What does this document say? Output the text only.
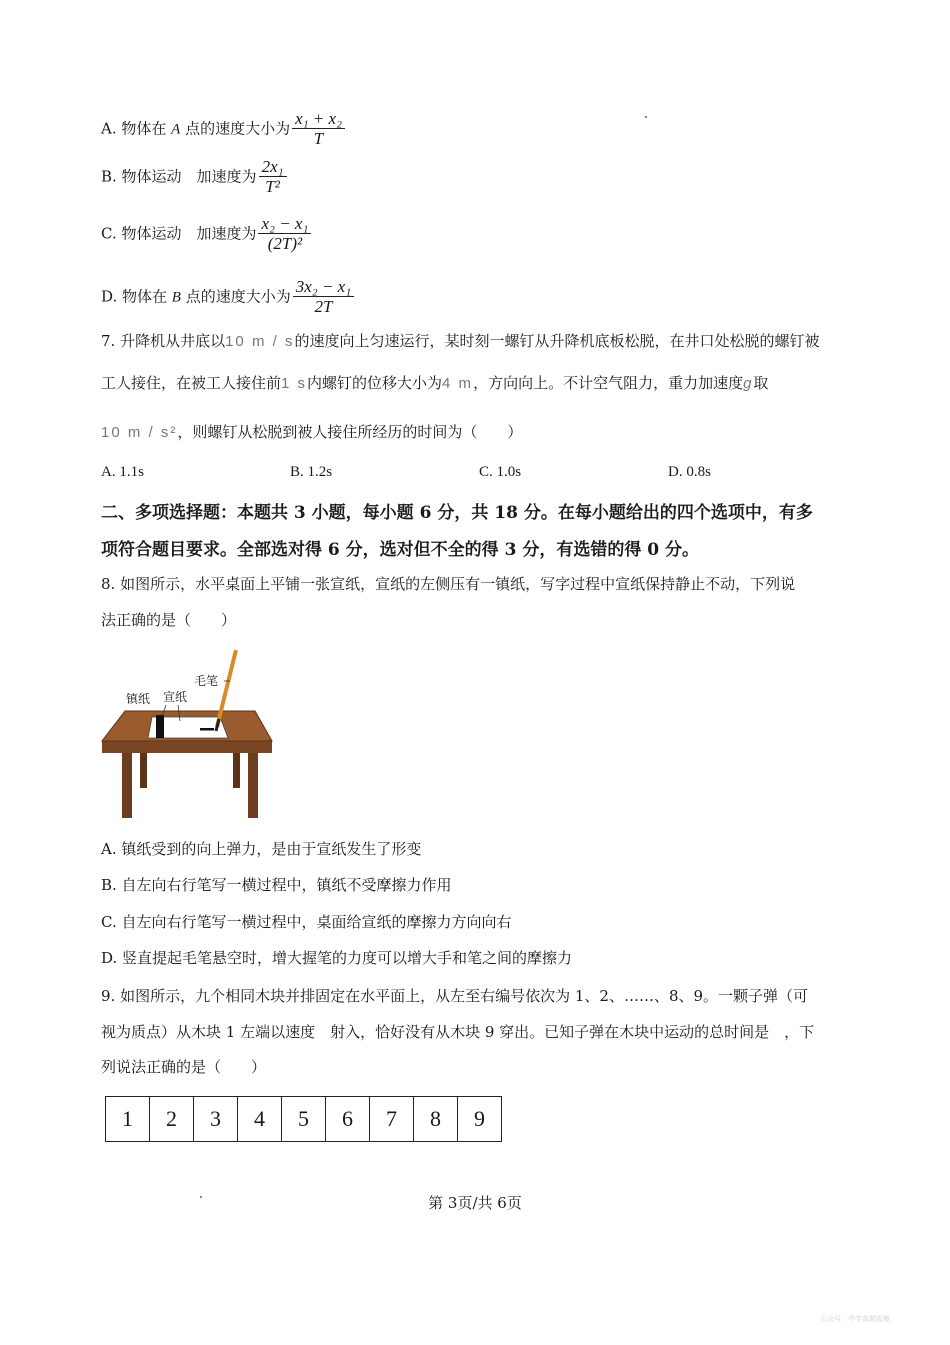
A. 物体在 A 点的速度大小为 $\frac{\text{x₁ + x₂}}{T}$
B. 物体运动　加速度为 $\frac{\text{2x₁}}{\text{T²}}$
C. 物体运动　加速度为 $\frac{\text{x₂ − x₁}}{\text{(2T)²}}$
D. 物体在 B 点的速度大小为 $\frac{\text{3x₂ − x₁}}{2T}$
7. 升降机从井底以10 m / s的速度向上匀速运行，某时刻一螺钉从升降机底板松脱，在井口处松脱的螺钉被
工人接住，在被工人接住前1 s内螺钉的位移大小为4 m，方向向上。不计空气阻力，重力加速度g取
10 m / s²，则螺钉从松脱到被人接住所经历的时间为（　　）
A. 1.1s	B. 1.2s	C. 1.0s	D. 0.8s
二、多项选择题：本题共 3 小题，每小题 6 分，共 18 分。在每小题给出的四个选项中，有多
项符合题目要求。全部选对得 6 分，选对但不全的得 3 分，有选错的得 0 分。
8. 如图所示，水平桌面上平铺一张宣纸，宣纸的左侧压有一镇纸，写字过程中宣纸保持静止不动，下列说
法正确的是（　　）
毛笔
镇纸 宣纸
A. 镇纸受到的向上弹力，是由于宣纸发生了形变
B. 自左向右行笔写一横过程中，镇纸不受摩擦力作用
C. 自左向右行笔写一横过程中，桌面给宣纸的摩擦力方向向右
D. 竖直提起毛笔悬空时，增大握笔的力度可以增大手和笔之间的摩擦力
9. 如图所示，九个相同木块并排固定在水平面上，从左至右编号依次为 1、2、……、8、9。一颗子弹（可
视为质点）从木块 1 左端以速度　射入，恰好没有从木块 9 穿出。已知子弹在木块中运动的总时间是　，下
列说法正确的是（　　）
1	2	3	4	5	6	7	8	9
第 3页/共 6页
公众号：中学真题收集
